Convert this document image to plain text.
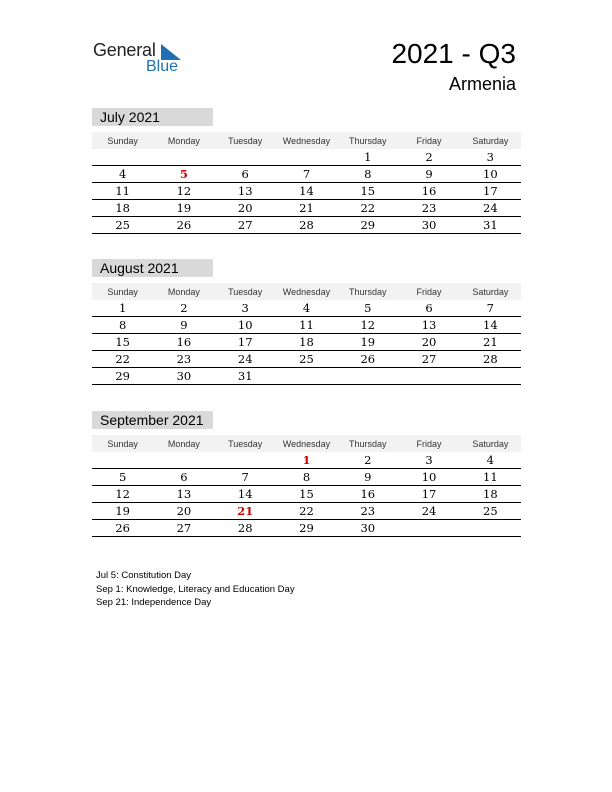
General
Blue	2021 - Q3
Armenia
July 2021
Sunday	Monday	Tuesday	Wednesday	Thursday	Friday	Saturday
				1	2	3
4	5	6	7	8	9	10
11	12	13	14	15	16	17
18	19	20	21	22	23	24
25	26	27	28	29	30	31
August 2021
Sunday	Monday	Tuesday	Wednesday	Thursday	Friday	Saturday
1	2	3	4	5	6	7
8	9	10	11	12	13	14
15	16	17	18	19	20	21
22	23	24	25	26	27	28
29	30	31				
September 2021
Sunday	Monday	Tuesday	Wednesday	Thursday	Friday	Saturday
			1	2	3	4
5	6	7	8	9	10	11
12	13	14	15	16	17	18
19	20	21	22	23	24	25
26	27	28	29	30		
Jul 5: Constitution Day
Sep 1: Knowledge, Literacy and Education Day
Sep 21: Independence Day
